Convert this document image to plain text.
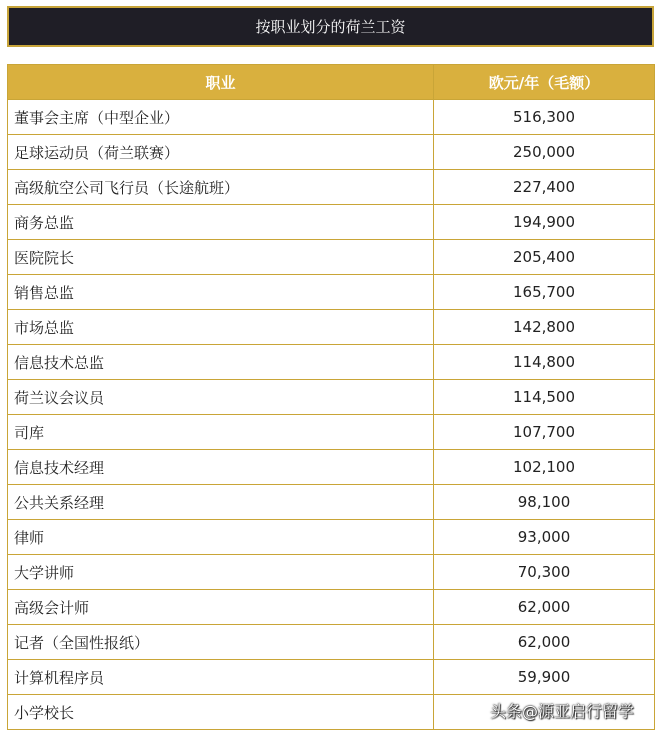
按职业划分的荷兰工资
职业	欧元/年（毛额）
董事会主席（中型企业）	516,300
足球运动员（荷兰联赛）	250,000
高级航空公司飞行员（长途航班）	227,400
商务总监	194,900
医院院长	205,400
销售总监	165,700
市场总监	142,800
信息技术总监	114,800
荷兰议会议员	114,500
司库	107,700
信息技术经理	102,100
公共关系经理	98,100
律师	93,000
大学讲师	70,300
高级会计师	62,000
记者（全国性报纸）	62,000
计算机程序员	59,900
小学校长		头条@源亚启行留学
